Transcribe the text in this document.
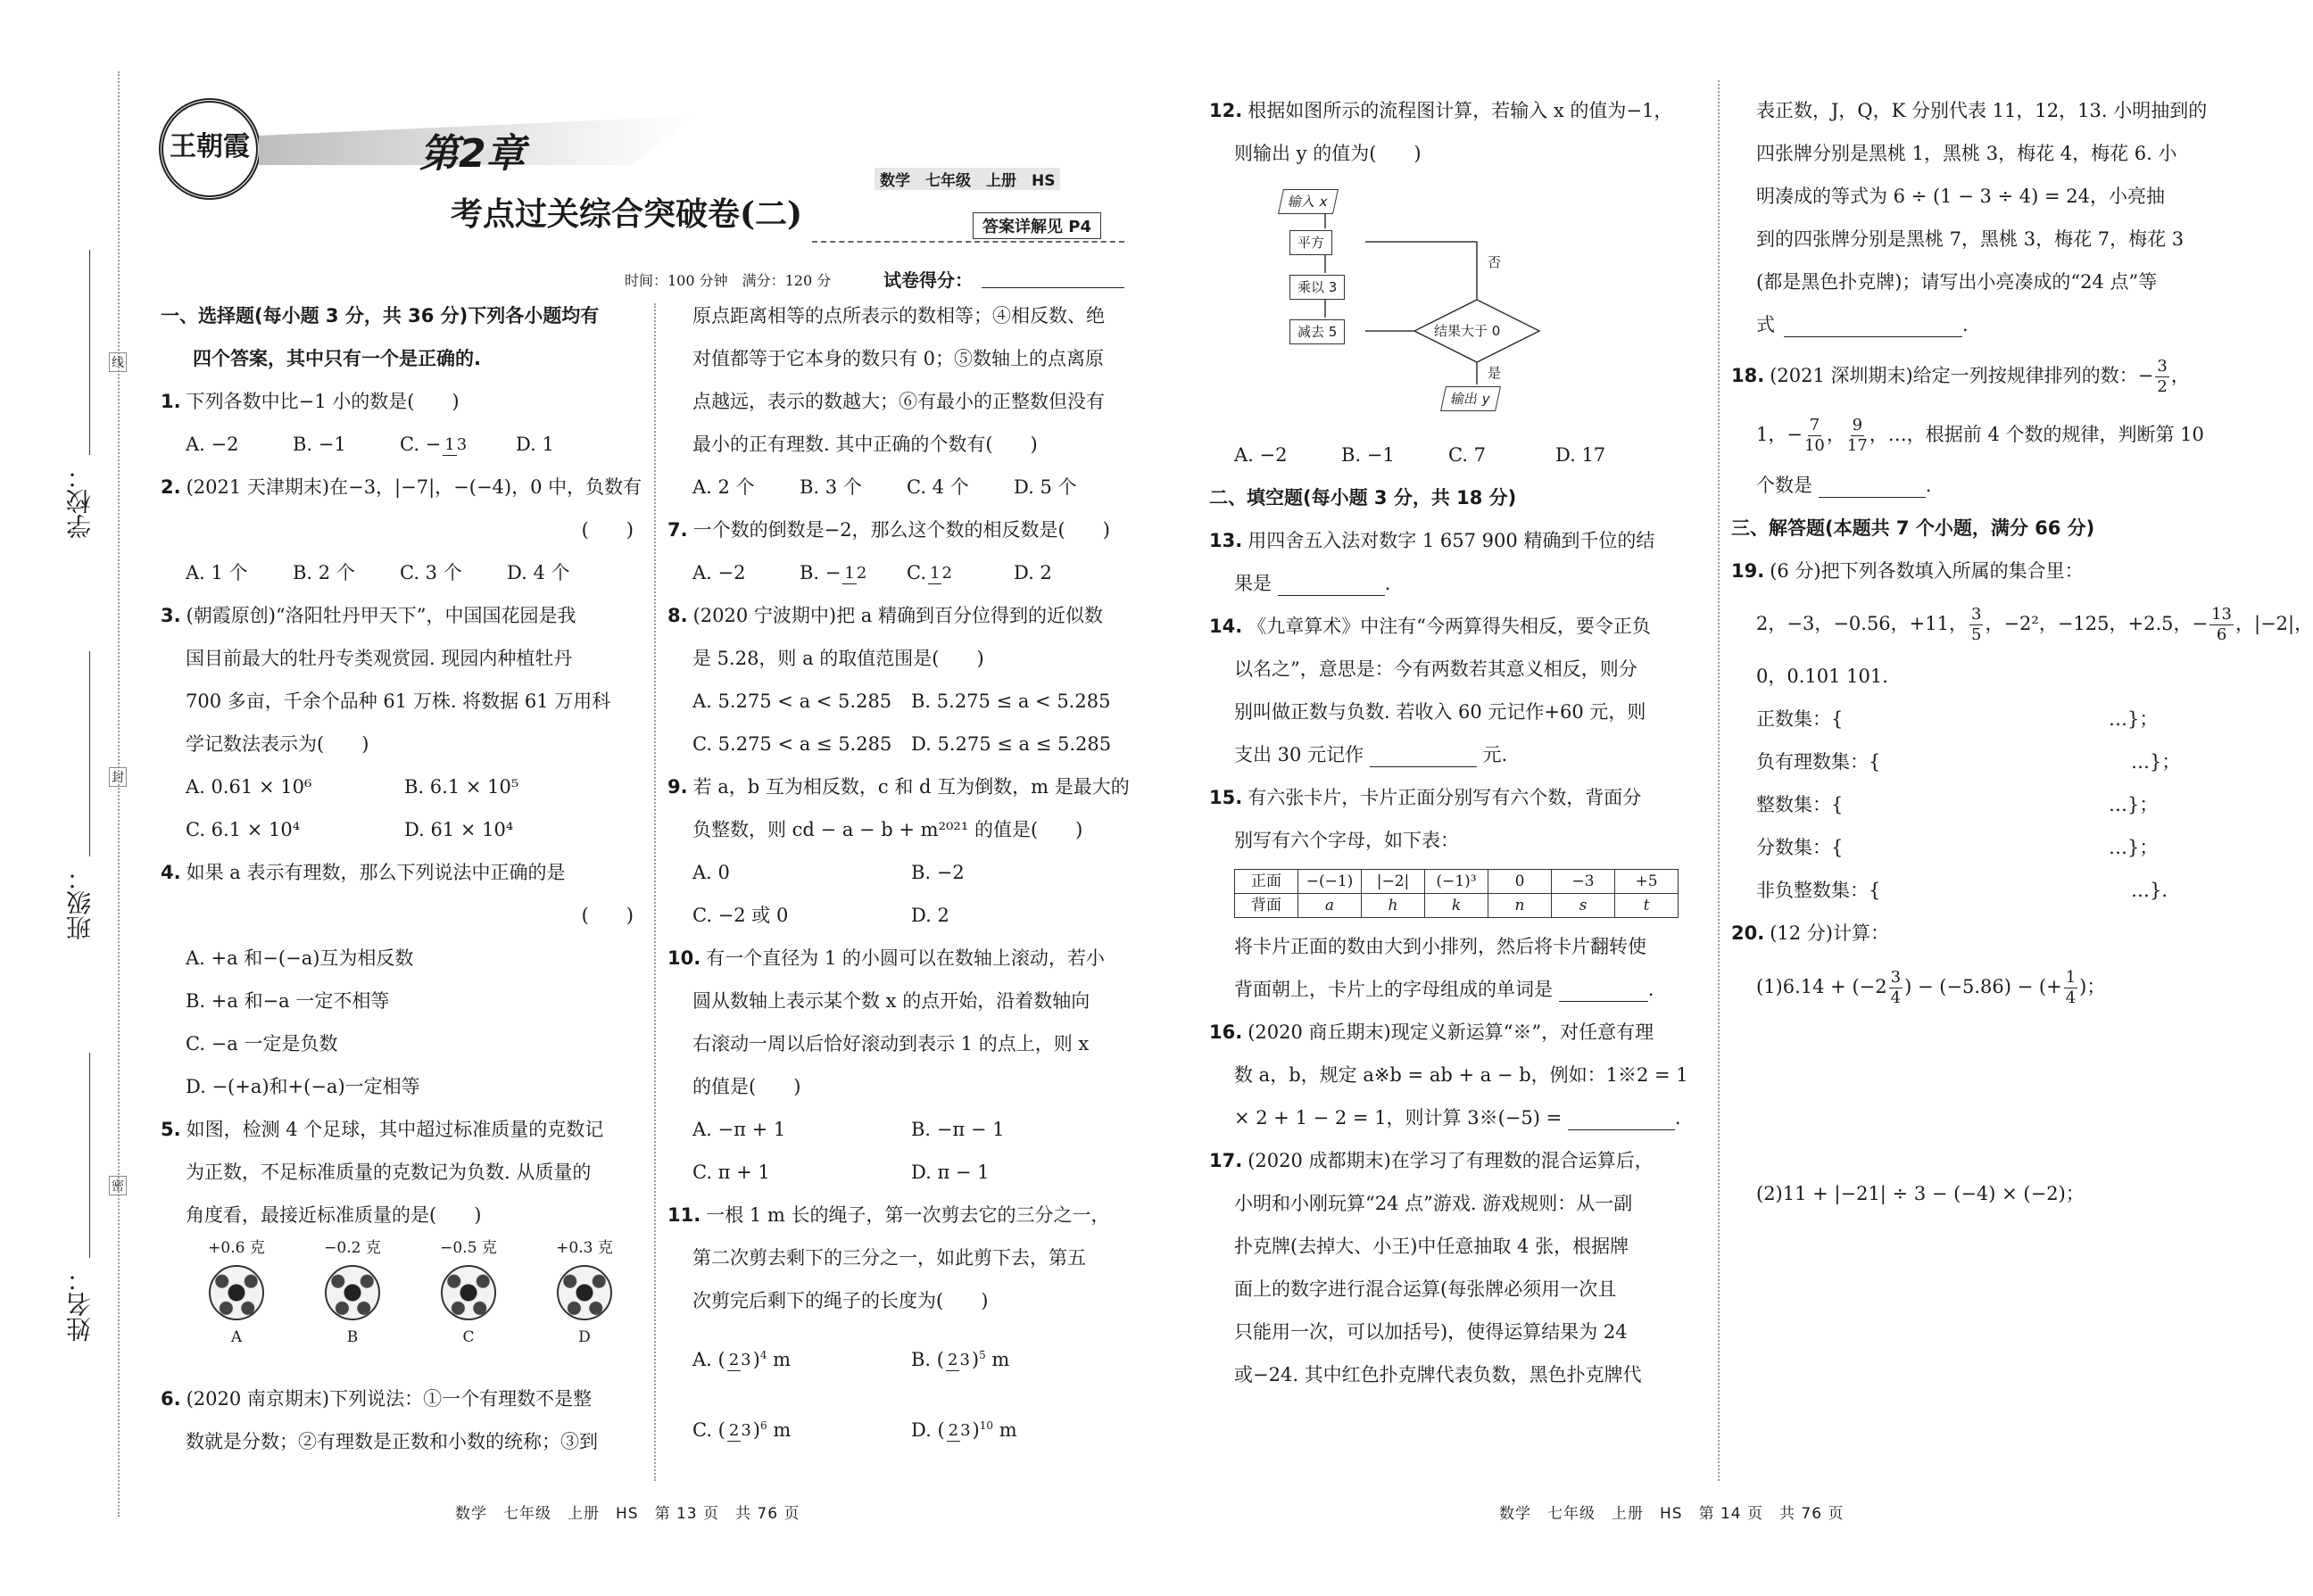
学校：
班级：
姓名：
线
封
密
王朝霞	第2章
数学　七年级　上册　HS
考点过关综合突破卷(二)	答案详解见 P4
时间：100 分钟　满分：120 分	试卷得分：

一、选择题(每小题 3 分，共 36 分)下列各小题均有

四个答案，其中只有一个是正确的.

1. 下列各数中比−1 小的数是(　　)

A. −2	B. −1	C. − 1 3	D. 1

2. (2021 天津期末)在−3，|−7|，−(−4)，0 中，负数有

(　　)

A. 1 个	B. 2 个	C. 3 个	D. 4 个

3. (朝霞原创)“洛阳牡丹甲天下”，中国国花园是我

国目前最大的牡丹专类观赏园. 现园内种植牡丹

700 多亩，千余个品种 61 万株. 将数据 61 万用科

学记数法表示为(　　)

A. 0.61 × 10⁶	B. 6.1 × 10⁵

C. 6.1 × 10⁴	D. 61 × 10⁴

4. 如果 a 表示有理数，那么下列说法中正确的是

(　　)

A. +a 和−(−a)互为相反数

B. +a 和−a 一定不相等

C. −a 一定是负数

D. −(+a)和+(−a)一定相等

5. 如图，检测 4 个足球，其中超过标准质量的克数记

为正数，不足标准质量的克数记为负数. 从质量的

角度看，最接近标准质量的是(　　)

+0.6 克
A
−0.2 克
B
−0.5 克
C
+0.3 克
D

6. (2020 南京期末)下列说法：①一个有理数不是整

数就是分数；②有理数是正数和小数的统称；③到

原点距离相等的点所表示的数相等；④相反数、绝

对值都等于它本身的数只有 0；⑤数轴上的点离原

点越远，表示的数越大；⑥有最小的正整数但没有

最小的正有理数. 其中正确的个数有(　　)

A. 2 个	B. 3 个	C. 4 个	D. 5 个

7. 一个数的倒数是−2，那么这个数的相反数是(　　)

A. −2	B. − 1 2	C.1 2	D. 2

8. (2020 宁波期中)把 a 精确到百分位得到的近似数

是 5.28，则 a 的取值范围是(　　)

A. 5.275 < a < 5.285	B. 5.275 ≤ a < 5.285

C. 5.275 < a ≤ 5.285	D. 5.275 ≤ a ≤ 5.285

9. 若 a，b 互为相反数，c 和 d 互为倒数，m 是最大的

负整数，则 cd − a − b + m²⁰²¹ 的值是(　　)

A. 0	B. −2

C. −2 或 0	D. 2

10. 有一个直径为 1 的小圆可以在数轴上滚动，若小

圆从数轴上表示某个数 x 的点开始，沿着数轴向

右滚动一周以后恰好滚动到表示 1 的点上，则 x

的值是(　　)

A. −π + 1	B. −π − 1

C. π + 1	D. π − 1

11. 一根 1 m 长的绳子，第一次剪去它的三分之一，

第二次剪去剩下的三分之一，如此剪下去，第五

次剪完后剩下的绳子的长度为(　　)

A. ( 2 3)$^4$ m	B. ( 2 3)$^5$ m

C. ( 2 3)$^6$ m	D. ( 2 3)$^{10}$ m

12. 根据如图所示的流程图计算，若输入 x 的值为−1，

则输出 y 的值为(　　)

输入 x
平方
乘以 3
减去 5	结果大于 0
输出 y
否
是

A. −2	B. −1	C. 7	D. 17

二、填空题(每小题 3 分，共 18 分)

13. 用四舍五入法对数字 1 657 900 精确到千位的结

果是	.

14. 《九章算术》中注有“今两算得失相反，要令正负

以名之”，意思是：今有两数若其意义相反，则分

别叫做正数与负数. 若收入 60 元记作+60 元，则

支出 30 元记作	元.

15. 有六张卡片，卡片正面分别写有六个数，背面分

别写有六个字母，如下表：

正面	−(−1)	|−2|	(−1)³	0	−3	+5
背面	a	h	k	n	s	t

将卡片正面的数由大到小排列，然后将卡片翻转使

背面朝上，卡片上的字母组成的单词是	.

16. (2020 商丘期末)现定义新运算“※”，对任意有理

数 a，b，规定 a※b = ab + a − b，例如：1※2 = 1

× 2 + 1 − 2 = 1，则计算 3※(−5) =	.

17. (2020 成都期末)在学习了有理数的混合运算后，

小明和小刚玩算“24 点”游戏. 游戏规则：从一副

扑克牌(去掉大、小王)中任意抽取 4 张，根据牌

面上的数字进行混合运算(每张牌必须用一次且

只能用一次，可以加括号)，使得运算结果为 24

或−24. 其中红色扑克牌代表负数，黑色扑克牌代

表正数，J，Q，K 分别代表 11，12，13. 小明抽到的

四张牌分别是黑桃 1，黑桃 3，梅花 4，梅花 6. 小

明凑成的等式为 6 ÷ (1 − 3 ÷ 4) = 24，小亮抽

到的四张牌分别是黑桃 7，黑桃 3，梅花 7，梅花 3

(都是黑色扑克牌)；请写出小亮凑成的“24 点”等

式	.

18. (2021 深圳期末)给定一列按规律排列的数：− $\frac{3}{2}$ ，

1，− $\frac{7}{10}$ ， $\frac{9}{17}$ ，…，根据前 4 个数的规律，判断第 10

个数是	.

三、解答题(本题共 7 个小题，满分 66 分)

19. (6 分)把下列各数填入所属的集合里：

2，−3，−0.56，+11， $\frac{3}{5}$ ，−2²，−125，+2.5，− $\frac{13}{6}$ ，|−2|，

0，0.101 101.

正数集：{	…}；

负有理数集：{	…}；

整数集：{	…}；

分数集：{	…}；

非负整数集：{	…}.

20. (12 分)计算：

$(1)6.14 + (-2 \frac{3}{4}$ ) − (−5.86) − (+ $\frac{1}{4}$ )；

(2)11 + |−21| ÷ 3 − (−4) × (−2)；

数学　七年级　上册　HS　第 13 页　共 76 页	数学　七年级　上册　HS　第 14 页　共 76 页
